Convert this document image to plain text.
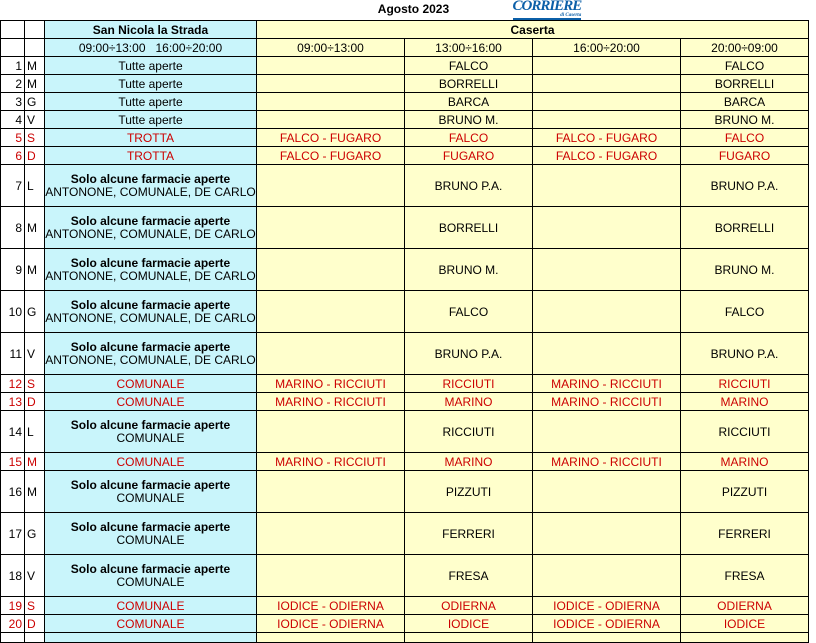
Agosto 2023 CORRIERE
di Caserta						

		San Nicola la Strada	Caserta			
		09:00÷13:00   16:00÷20:00	09:00÷13:00	13:00÷16:00	16:00÷20:00	20:00÷09:00
1	M	Tutte aperte		FALCO		FALCO
2	M	Tutte aperte		BORRELLI		BORRELLI
3	G	Tutte aperte		BARCA		BARCA
4	V	Tutte aperte		BRUNO M.		BRUNO M.
5	S	TROTTA	FALCO - FUGARO	FALCO	FALCO - FUGARO	FALCO
6	D	TROTTA	FALCO - FUGARO	FUGARO	FALCO - FUGARO	FUGARO
7	L	Solo alcune farmacie aperte
ANTONONE, COMUNALE, DE CARLO		BRUNO P.A.		BRUNO P.A.
8	M	Solo alcune farmacie aperte
ANTONONE, COMUNALE, DE CARLO		BORRELLI		BORRELLI
9	M	Solo alcune farmacie aperte
ANTONONE, COMUNALE, DE CARLO		BRUNO M.		BRUNO M.
10	G	Solo alcune farmacie aperte
ANTONONE, COMUNALE, DE CARLO		FALCO		FALCO
11	V	Solo alcune farmacie aperte
ANTONONE, COMUNALE, DE CARLO		BRUNO P.A.		BRUNO P.A.
12	S	COMUNALE	MARINO - RICCIUTI	RICCIUTI	MARINO - RICCIUTI	RICCIUTI
13	D	COMUNALE	MARINO - RICCIUTI	MARINO	MARINO - RICCIUTI	MARINO
14	L	Solo alcune farmacie aperte
COMUNALE		RICCIUTI		RICCIUTI
15	M	COMUNALE	MARINO - RICCIUTI	MARINO	MARINO - RICCIUTI	MARINO
16	M	Solo alcune farmacie aperte
COMUNALE		PIZZUTI		PIZZUTI
17	G	Solo alcune farmacie aperte
COMUNALE		FERRERI		FERRERI
18	V	Solo alcune farmacie aperte
COMUNALE		FRESA		FRESA
19	S	COMUNALE	IODICE - ODIERNA	ODIERNA	IODICE - ODIERNA	ODIERNA
20	D	COMUNALE	IODICE - ODIERNA	IODICE	IODICE - ODIERNA	IODICE
